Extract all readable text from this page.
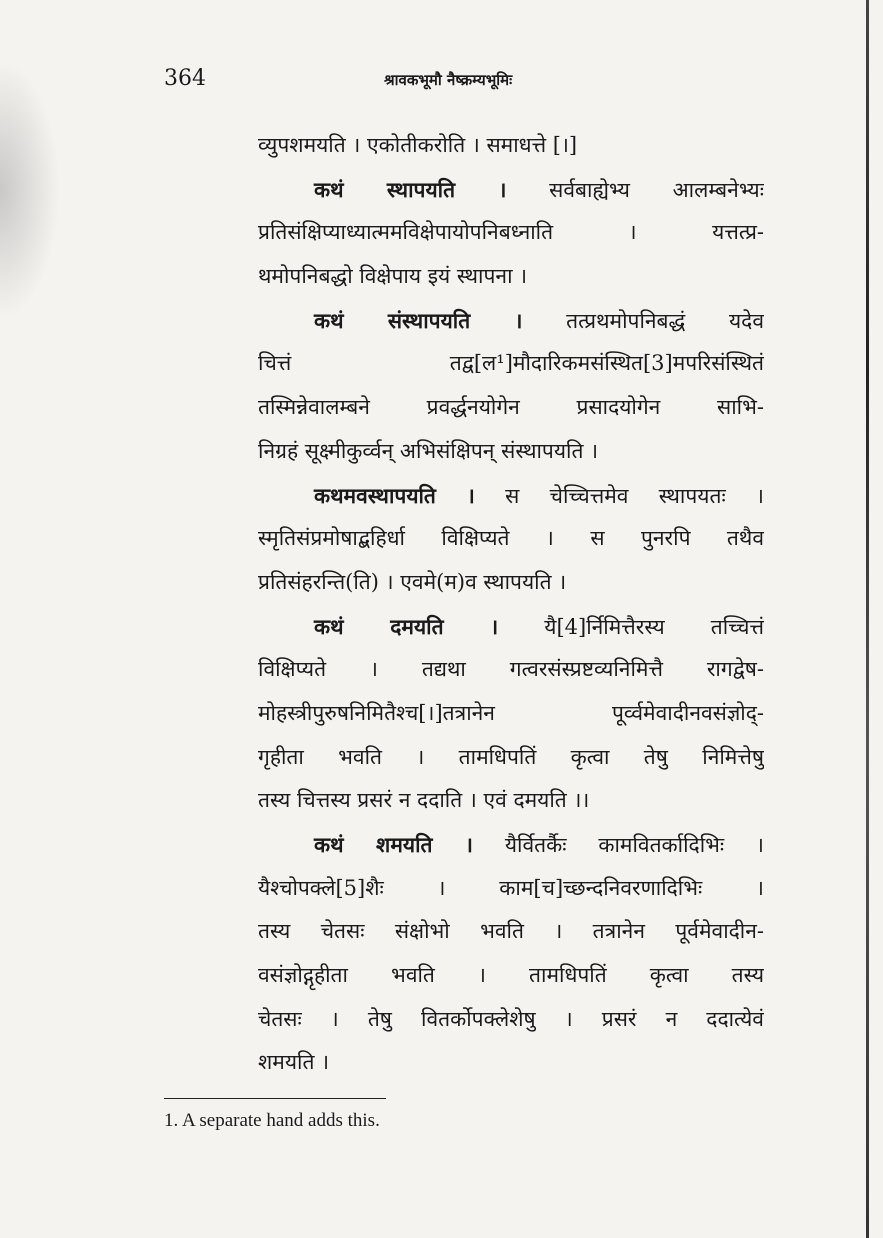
364	श्रावकभूमौ नैष्क्रम्यभूमिः
व्युपशमयति । एकोतीकरोति । समाधत्ते [।]
कथं स्थापयति । सर्वबाह्येभ्य आलम्बनेभ्यः
प्रतिसंक्षिप्याध्यात्ममविक्षेपायोपनिबध्नाति । यत्तत्प्र-
थमोपनिबद्धो विक्षेपाय इयं स्थापना ।
कथं संस्थापयति । तत्प्रथमोपनिबद्धं यदेव
चित्तं तद्व[ल¹]मौदारिकमसंस्थित[3]मपरिसंस्थितं
तस्मिन्नेवालम्बने प्रवर्द्धनयोगेन प्रसादयोगेन साभि-
निग्रहं सूक्ष्मीकुर्व्वन् अभिसंक्षिपन् संस्थापयति ।
कथमवस्थापयति । स चेच्चित्तमेव स्थापयतः ।
स्मृतिसंप्रमोषाद्बहिर्धा विक्षिप्यते । स पुनरपि तथैव
प्रतिसंहरन्ति(ति) । एवमे(म)व स्थापयति ।
कथं दमयति । यै[4]र्निमित्तैरस्य तच्चित्तं
विक्षिप्यते । तद्यथा गत्वरसंस्प्रष्टव्यनिमित्तै रागद्वेष-
मोहस्त्रीपुरुषनिमितैश्च[।]तत्रानेन पूर्व्वमेवादीनवसंज्ञोद्-
गृहीता भवति । तामधिपतिं कृत्वा तेषु निमित्तेषु
तस्य चित्तस्य प्रसरं न ददाति । एवं दमयति ।।
कथं शमयति । यैर्वितर्कैः कामवितर्कादिभिः ।
यैश्चोपक्ले[5]शैः । काम[च]च्छन्दनिवरणादिभिः ।
तस्य चेतसः संक्षोभो भवति । तत्रानेन पूर्वमेवादीन-
वसंज्ञोद्गृहीता भवति । तामधिपतिं कृत्वा तस्य
चेतसः । तेषु वितर्कोपक्लेशेषु । प्रसरं न ददात्येवं
शमयति ।
1. A separate hand adds this.
